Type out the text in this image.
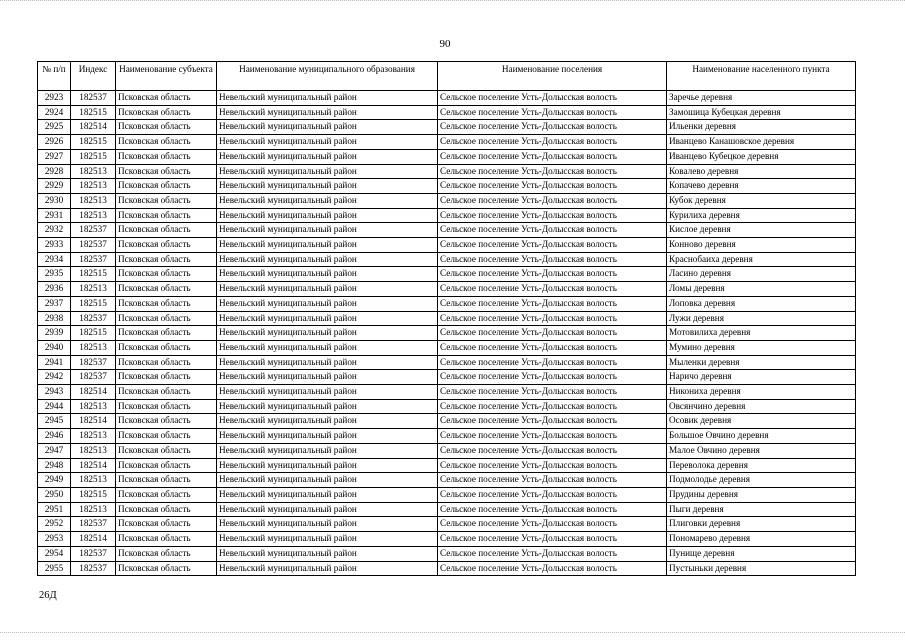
90
№ п/п	Индекс	Наименование субъекта	Наименование муниципального образования	Наименование поселения	Наименование населенного пункта
2923	182537	Псковская область	Невельский муниципальный район	Сельское поселение Усть-Долысская волость	Заречье деревня
2924	182515	Псковская область	Невельский муниципальный район	Сельское поселение Усть-Долысская волость	Замошица Кубецкая деревня
2925	182514	Псковская область	Невельский муниципальный район	Сельское поселение Усть-Долысская волость	Ильенки деревня
2926	182515	Псковская область	Невельский муниципальный район	Сельское поселение Усть-Долысская волость	Иванцево Канашовское деревня
2927	182515	Псковская область	Невельский муниципальный район	Сельское поселение Усть-Долысская волость	Иванцево Кубецкое деревня
2928	182513	Псковская область	Невельский муниципальный район	Сельское поселение Усть-Долысская волость	Ковалево деревня
2929	182513	Псковская область	Невельский муниципальный район	Сельское поселение Усть-Долысская волость	Копачево деревня
2930	182513	Псковская область	Невельский муниципальный район	Сельское поселение Усть-Долысская волость	Кубок деревня
2931	182513	Псковская область	Невельский муниципальный район	Сельское поселение Усть-Долысская волость	Курилиха деревня
2932	182537	Псковская область	Невельский муниципальный район	Сельское поселение Усть-Долысская волость	Кислое деревня
2933	182537	Псковская область	Невельский муниципальный район	Сельское поселение Усть-Долысская волость	Конново деревня
2934	182537	Псковская область	Невельский муниципальный район	Сельское поселение Усть-Долысская волость	Краснобаиха деревня
2935	182515	Псковская область	Невельский муниципальный район	Сельское поселение Усть-Долысская волость	Ласино деревня
2936	182513	Псковская область	Невельский муниципальный район	Сельское поселение Усть-Долысская волость	Ломы деревня
2937	182515	Псковская область	Невельский муниципальный район	Сельское поселение Усть-Долысская волость	Лоповка деревня
2938	182537	Псковская область	Невельский муниципальный район	Сельское поселение Усть-Долысская волость	Лужи деревня
2939	182515	Псковская область	Невельский муниципальный район	Сельское поселение Усть-Долысская волость	Мотовилиха деревня
2940	182513	Псковская область	Невельский муниципальный район	Сельское поселение Усть-Долысская волость	Мумино деревня
2941	182537	Псковская область	Невельский муниципальный район	Сельское поселение Усть-Долысская волость	Мыленки деревня
2942	182537	Псковская область	Невельский муниципальный район	Сельское поселение Усть-Долысская волость	Наричо деревня
2943	182514	Псковская область	Невельский муниципальный район	Сельское поселение Усть-Долысская волость	Никониха деревня
2944	182513	Псковская область	Невельский муниципальный район	Сельское поселение Усть-Долысская волость	Овсянчино деревня
2945	182514	Псковская область	Невельский муниципальный район	Сельское поселение Усть-Долысская волость	Осовик деревня
2946	182513	Псковская область	Невельский муниципальный район	Сельское поселение Усть-Долысская волость	Большое Овчино деревня
2947	182513	Псковская область	Невельский муниципальный район	Сельское поселение Усть-Долысская волость	Малое Овчино деревня
2948	182514	Псковская область	Невельский муниципальный район	Сельское поселение Усть-Долысская волость	Переволока деревня
2949	182513	Псковская область	Невельский муниципальный район	Сельское поселение Усть-Долысская волость	Подмолодье деревня
2950	182515	Псковская область	Невельский муниципальный район	Сельское поселение Усть-Долысская волость	Прудины деревня
2951	182513	Псковская область	Невельский муниципальный район	Сельское поселение Усть-Долысская волость	Пыги деревня
2952	182537	Псковская область	Невельский муниципальный район	Сельское поселение Усть-Долысская волость	Плиговки деревня
2953	182514	Псковская область	Невельский муниципальный район	Сельское поселение Усть-Долысская волость	Пономарево деревня
2954	182537	Псковская область	Невельский муниципальный район	Сельское поселение Усть-Долысская волость	Пунище деревня
2955	182537	Псковская область	Невельский муниципальный район	Сельское поселение Усть-Долысская волость	Пустыньки деревня
26Д
